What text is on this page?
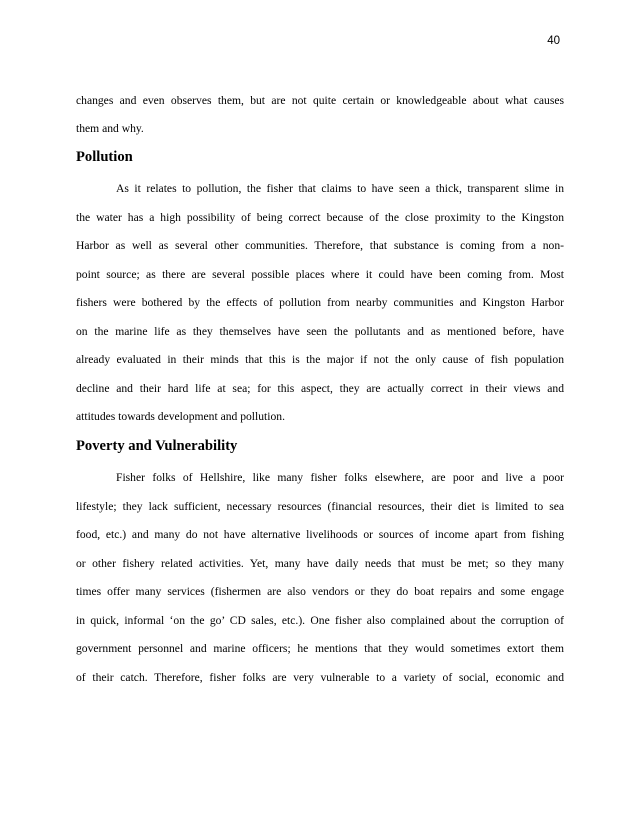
40
changes and even observes them, but are not quite certain or knowledgeable about what causes
them and why.
Pollution
As it relates to pollution, the fisher that claims to have seen a thick, transparent slime in
the water has a high possibility of being correct because of the close proximity to the Kingston
Harbor as well as several other communities. Therefore, that substance is coming from a non-
point source; as there are several possible places where it could have been coming from. Most
fishers were bothered by the effects of pollution from nearby communities and Kingston Harbor
on the marine life as they themselves have seen the pollutants and as mentioned before, have
already evaluated in their minds that this is the major if not the only cause of fish population
decline and their hard life at sea; for this aspect, they are actually correct in their views and
attitudes towards development and pollution.
Poverty and Vulnerability
Fisher folks of Hellshire, like many fisher folks elsewhere, are poor and live a poor
lifestyle; they lack sufficient, necessary resources (financial resources, their diet is limited to sea
food, etc.) and many do not have alternative livelihoods or sources of income apart from fishing
or other fishery related activities. Yet, many have daily needs that must be met; so they many
times offer many services (fishermen are also vendors or they do boat repairs and some engage
in quick, informal ‘on the go’ CD sales, etc.). One fisher also complained about the corruption of
government personnel and marine officers; he mentions that they would sometimes extort them
of their catch. Therefore, fisher folks are very vulnerable to a variety of social, economic and
